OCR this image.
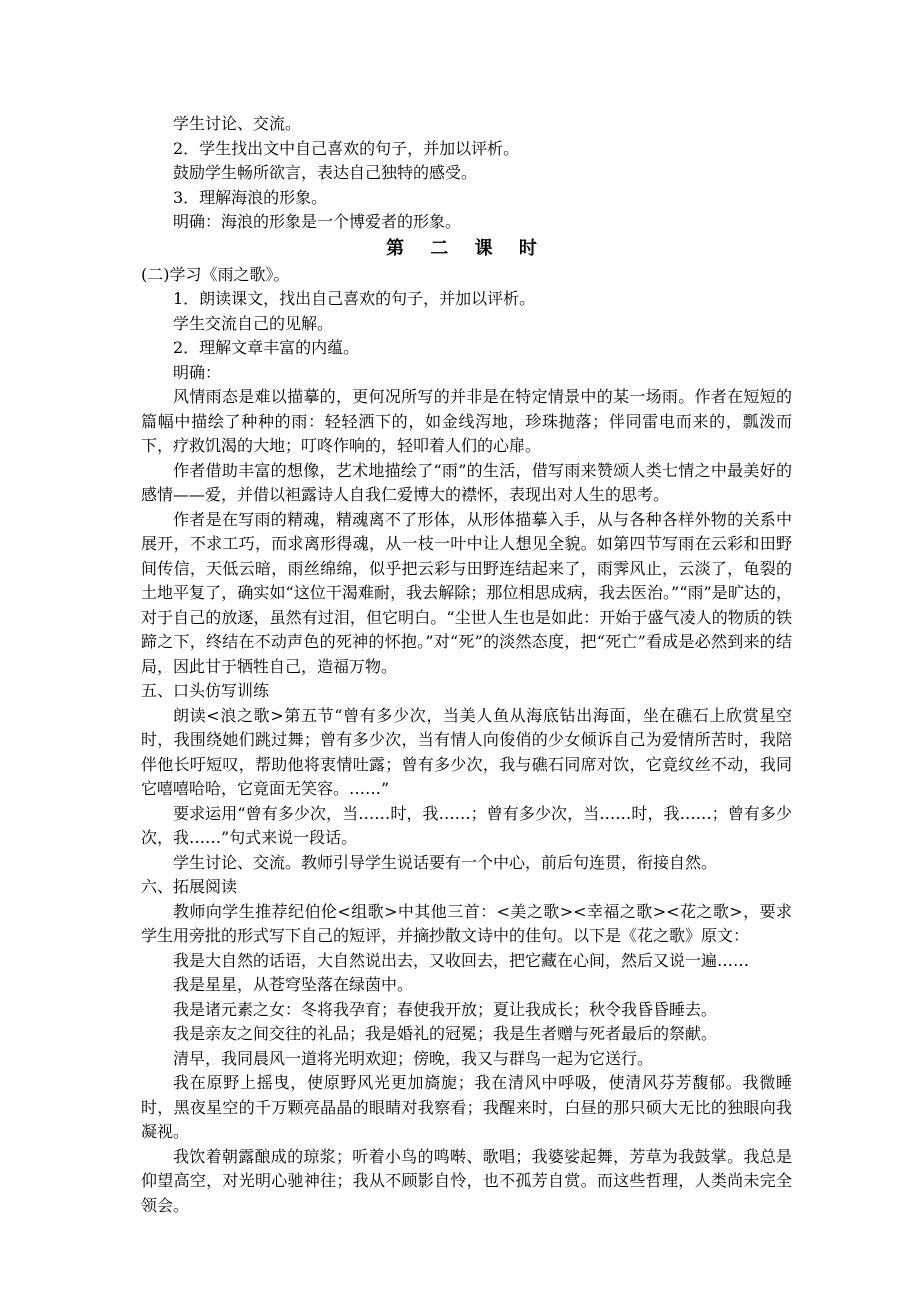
学生讨论、交流。

2．学生找出文中自己喜欢的句子，并加以评析。

鼓励学生畅所欲言，表达自己独特的感受。

3．理解海浪的形象。

明确：海浪的形象是一个博爱者的形象。

第 二 课 时

(二)学习《雨之歌》。

1．朗读课文，找出自己喜欢的句子，并加以评析。

学生交流自己的见解。

2．理解文章丰富的内蕴。

明确：

风情雨态是难以描摹的，更何况所写的并非是在特定情景中的某一场雨。作者在短短的篇幅中描绘了种种的雨：轻轻洒下的，如金线泻地，珍珠抛落；伴同雷电而来的，瓢泼而下，疗救饥渴的大地；叮咚作响的，轻叩着人们的心扉。

作者借助丰富的想像，艺术地描绘了“雨”的生活，借写雨来赞颂人类七情之中最美好的感情——爱，并借以袒露诗人自我仁爱博大的襟怀，表现出对人生的思考。

作者是在写雨的精魂，精魂离不了形体，从形体描摹入手，从与各种各样外物的关系中展开，不求工巧，而求离形得魂，从一枝一叶中让人想见全貌。如第四节写雨在云彩和田野间传信，天低云暗，雨丝绵绵，似乎把云彩与田野连结起来了，雨霁风止，云淡了，龟裂的土地平复了，确实如“这位干渴难耐，我去解除；那位相思成病，我去医治。”“雨”是旷达的，对于自己的放逐，虽然有过泪，但它明白。“尘世人生也是如此：开始于盛气凌人的物质的铁蹄之下，终结在不动声色的死神的怀抱。”对“死”的淡然态度，把“死亡”看成是必然到来的结局，因此甘于牺牲自己，造福万物。

五、口头仿写训练

朗读<浪之歌>第五节“曾有多少次，当美人鱼从海底钻出海面，坐在礁石上欣赏星空时，我围绕她们跳过舞；曾有多少次，当有情人向俊俏的少女倾诉自己为爱情所苦时，我陪伴他长吁短叹，帮助他将衷情吐露；曾有多少次，我与礁石同席对饮，它竟纹丝不动，我同它嘻嘻哈哈，它竟面无笑容。……”

要求运用“曾有多少次，当……时，我……；曾有多少次，当……时，我……；曾有多少次，我……”句式来说一段话。

学生讨论、交流。教师引导学生说话要有一个中心，前后句连贯，衔接自然。

六、拓展阅读

教师向学生推荐纪伯伦<组歌>中其他三首：<美之歌><幸福之歌><花之歌>，要求学生用旁批的形式写下自己的短评，并摘抄散文诗中的佳句。以下是《花之歌》原文：

我是大自然的话语，大自然说出去，又收回去，把它藏在心间，然后又说一遍……

我是星星，从苍穹坠落在绿茵中。

我是诸元素之女：冬将我孕育；春使我开放；夏让我成长；秋令我昏昏睡去。

我是亲友之间交往的礼品；我是婚礼的冠冕；我是生者赠与死者最后的祭献。

清早，我同晨风一道将光明欢迎；傍晚，我又与群鸟一起为它送行。

我在原野上摇曳，使原野风光更加旖旎；我在清风中呼吸，使清风芬芳馥郁。我微睡时，黑夜星空的千万颗亮晶晶的眼睛对我察看；我醒来时，白昼的那只硕大无比的独眼向我凝视。

我饮着朝露酿成的琼浆；听着小鸟的鸣啭、歌唱；我婆娑起舞，芳草为我鼓掌。我总是仰望高空，对光明心驰神往；我从不顾影自怜，也不孤芳自赏。而这些哲理，人类尚未完全领会。
